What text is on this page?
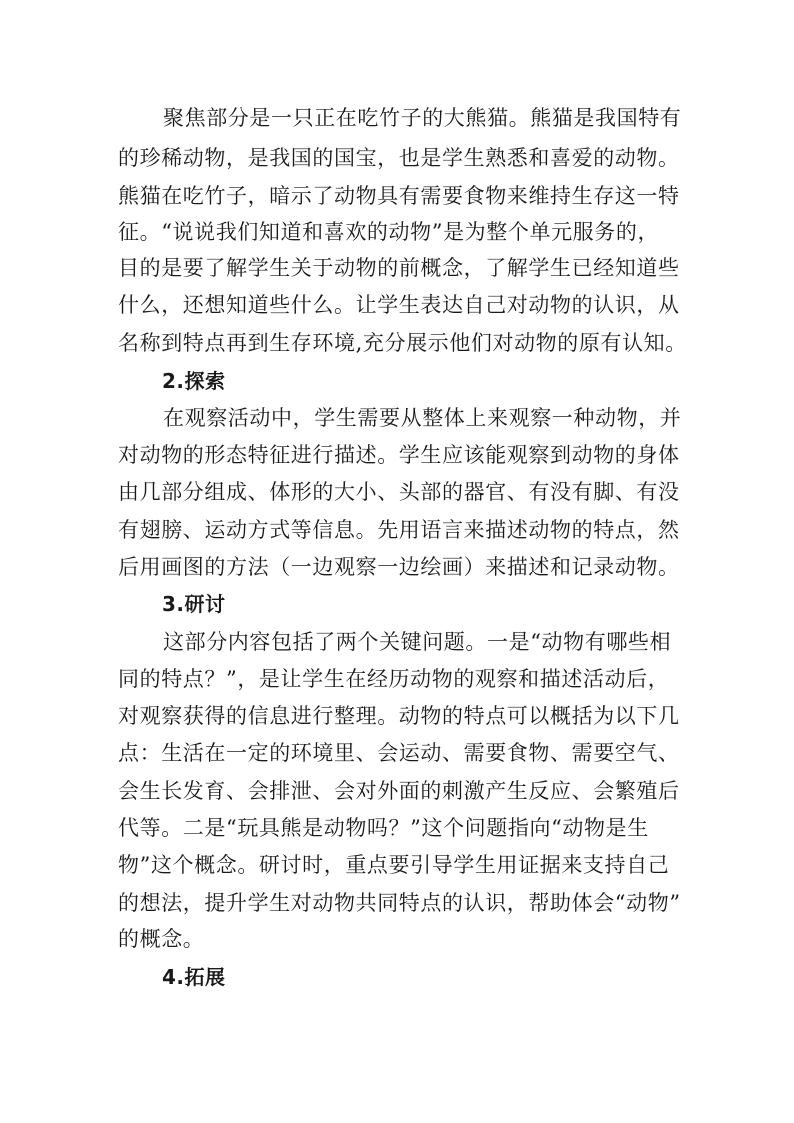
聚焦部分是一只正在吃竹子的大熊猫。熊猫是我国特有
的珍稀动物，是我国的国宝，也是学生熟悉和喜爱的动物。
熊猫在吃竹子，暗示了动物具有需要食物来维持生存这一特
征。“说说我们知道和喜欢的动物”是为整个单元服务的，
目的是要了解学生关于动物的前概念，了解学生已经知道些
什么，还想知道些什么。让学生表达自己对动物的认识，从
名称到特点再到生存环境,充分展示他们对动物的原有认知。
2.探索
在观察活动中，学生需要从整体上来观察一种动物，并
对动物的形态特征进行描述。学生应该能观察到动物的身体
由几部分组成、体形的大小、头部的器官、有没有脚、有没
有翅膀、运动方式等信息。先用语言来描述动物的特点，然
后用画图的方法（一边观察一边绘画）来描述和记录动物。
3.研讨
这部分内容包括了两个关键问题。一是“动物有哪些相
同的特点？”，是让学生在经历动物的观察和描述活动后，
对观察获得的信息进行整理。动物的特点可以概括为以下几
点：生活在一定的环境里、会运动、需要食物、需要空气、
会生长发育、会排泄、会对外面的刺激产生反应、会繁殖后
代等。二是“玩具熊是动物吗？”这个问题指向“动物是生
物”这个概念。研讨时，重点要引导学生用证据来支持自己
的想法，提升学生对动物共同特点的认识，帮助体会“动物”
的概念。
4.拓展
